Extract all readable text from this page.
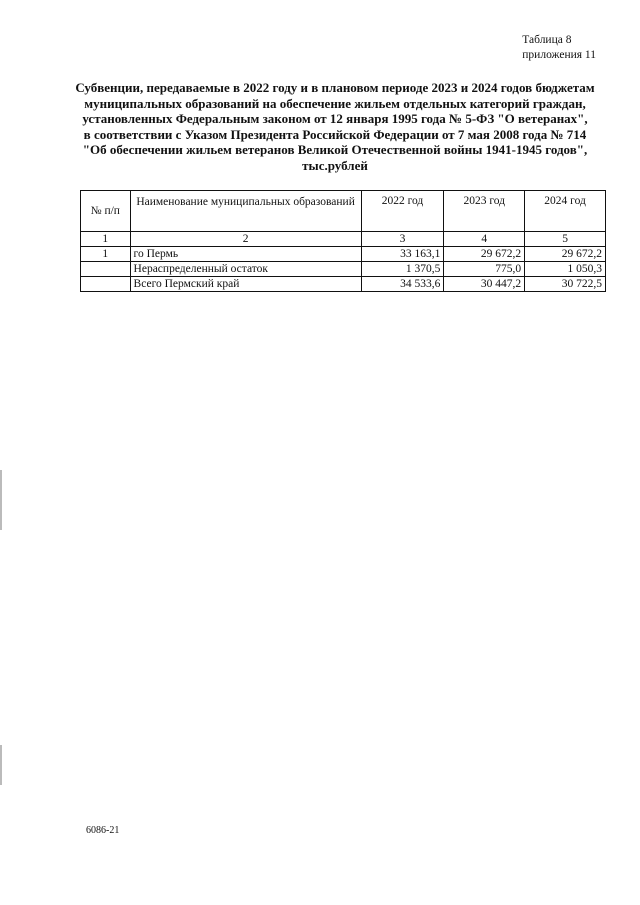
Таблица 8
приложения 11
Субвенции, передаваемые в 2022 году и в плановом периоде 2023 и 2024 годов бюджетам
муниципальных образований на обеспечение жильем отдельных категорий граждан,
установленных Федеральным законом от 12 января 1995 года № 5-ФЗ "О ветеранах",
в соответствии с Указом Президента Российской Федерации от 7 мая 2008 года № 714
"Об обеспечении жильем ветеранов Великой Отечественной войны 1941-1945 годов",
тыс.рублей
№ п/п	Наименование муниципальных образований	2022 год	2023 год	2024 год
1	2	3	4	5
1	го Пермь	33 163,1	29 672,2	29 672,2
	Нераспределенный остаток	1 370,5	775,0	1 050,3
	Всего Пермский край	34 533,6	30 447,2	30 722,5
6086-21
